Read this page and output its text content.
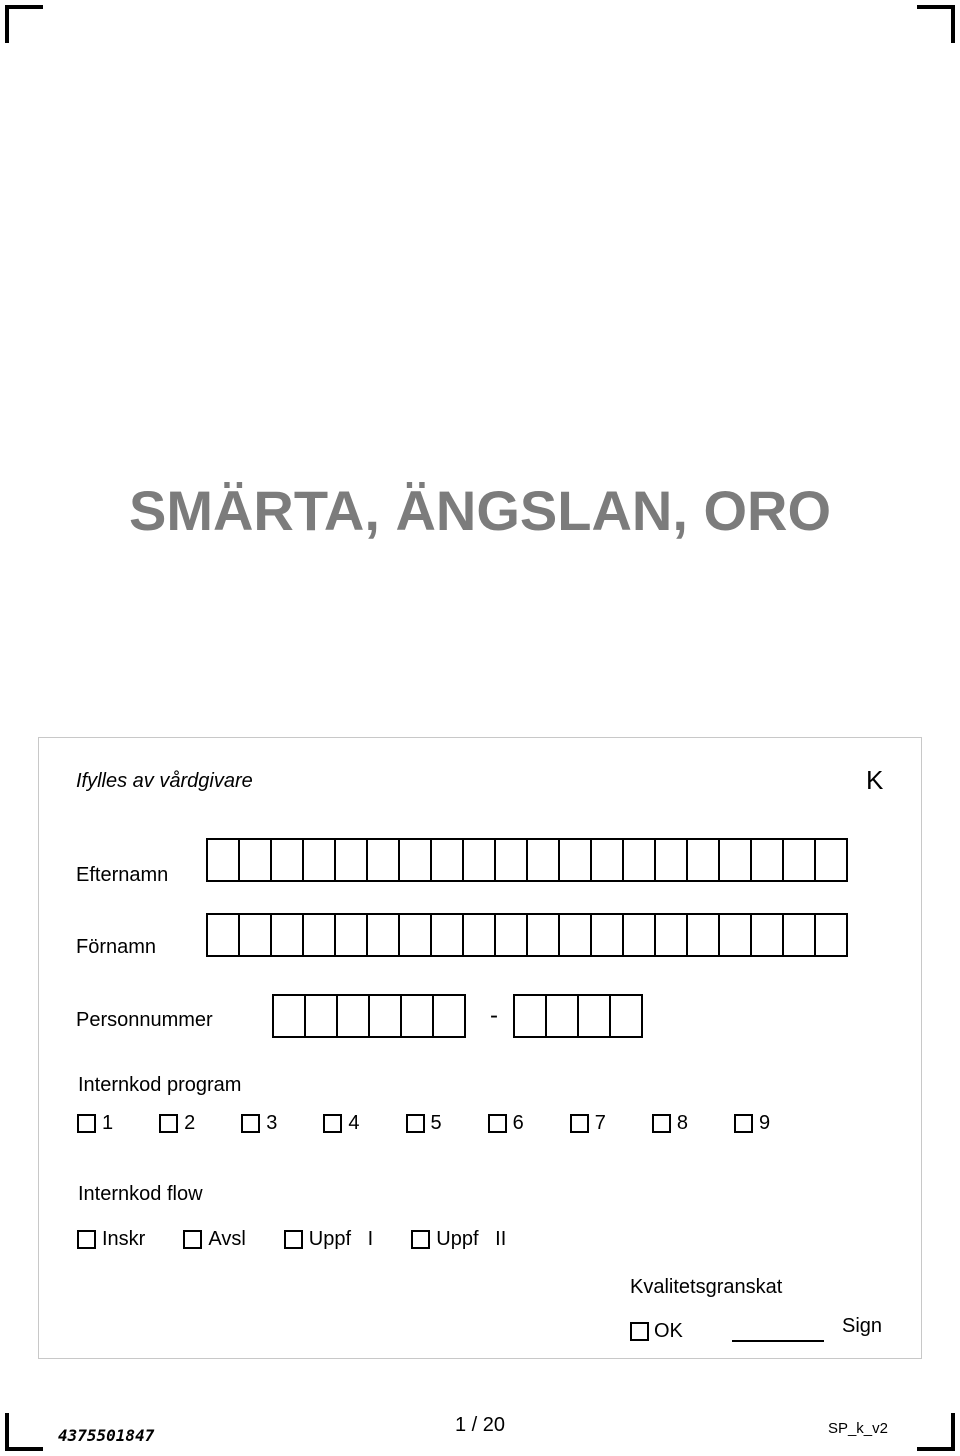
SMÄRTA, ÄNGSLAN, ORO
Ifylles av vårdgivare	K
Efternamn
Förnamn
Personnummer	-
Internkod program
1	2	3	4	5	6	7	8	9
Internkod flow
Inskr	Avsl	Uppf   I	Uppf   II
Kvalitetsgranskat
OK	Sign
4375501847	1 / 20	SP_k_v2
